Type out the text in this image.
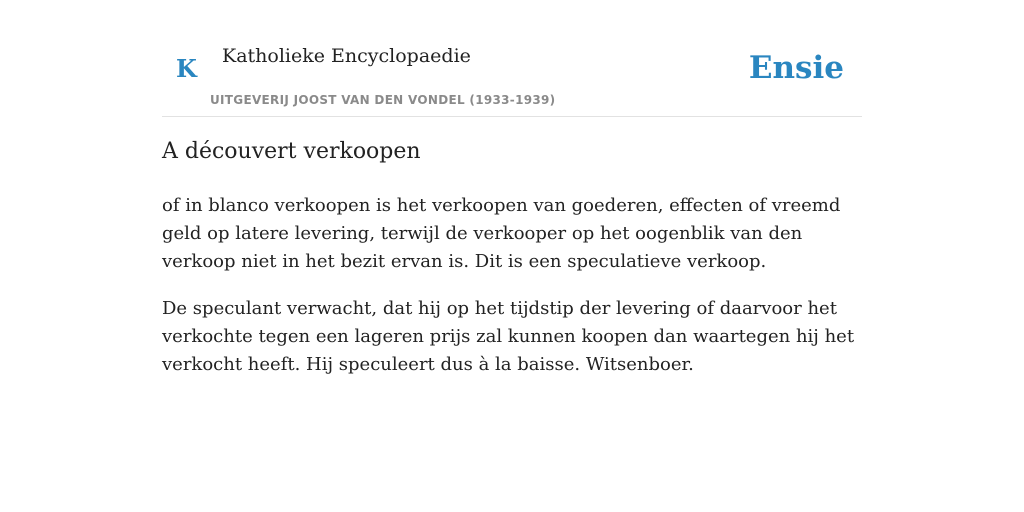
K Katholieke Encyclopaedie
UITGEVERIJ JOOST VAN DEN VONDEL (1933-1939)
Ensie
A découvert verkoopen

of in blanco verkoopen is het verkoopen van goederen, effecten of vreemd geld op latere levering, terwijl de verkooper op het oogenblik van den verkoop niet in het bezit ervan is. Dit is een speculatieve verkoop.

De speculant verwacht, dat hij op het tijdstip der levering of daarvoor het verkochte tegen een lageren prijs zal kunnen koopen dan waartegen hij het verkocht heeft. Hij speculeert dus à la baisse. Witsenboer.
